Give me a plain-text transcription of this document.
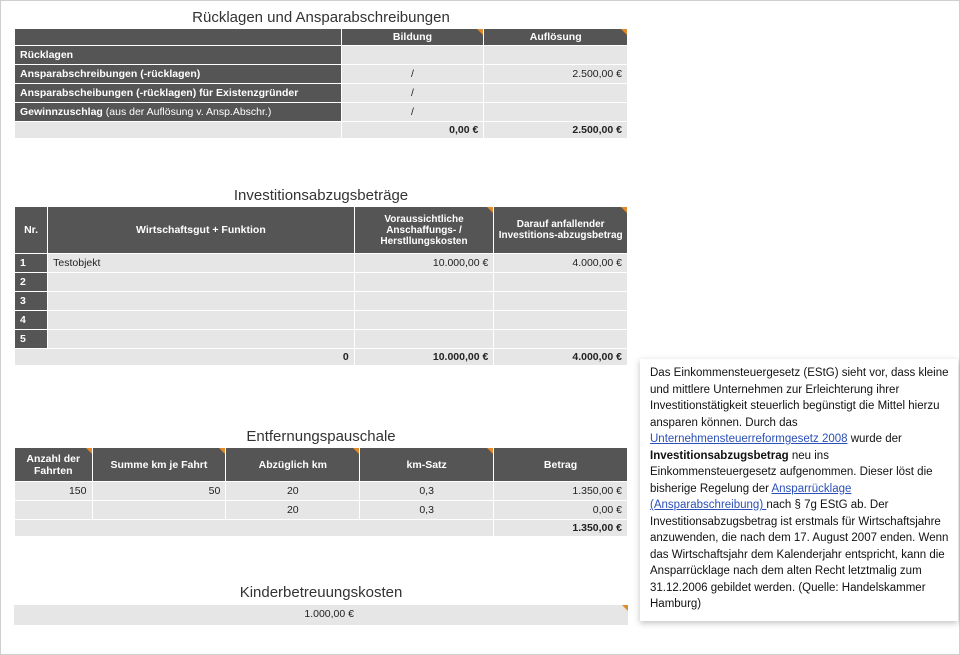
Rücklagen und Ansparabschreibungen
	Bildung	Auflösung
Rücklagen		
Ansparabschreibungen (-rücklagen)	/	2.500,00 €
Ansparabscheibungen (-rücklagen) für Existenzgründer	/	
Gewinnzuschlag (aus der Auflösung v. Ansp.Abschr.)	/	
	0,00 €	2.500,00 €
Investitionsabzugsbeträge
Nr.	Wirtschaftsgut + Funktion	Voraussichtliche Anschaffungs- / Herstllungskosten	Darauf anfallender Investitions-abzugsbetrag
1	Testobjekt	10.000,00 €	4.000,00 €
2			
3			
4			
5			
0		10.000,00 €	4.000,00 €
Entfernungspauschale
Anzahl der Fahrten	Summe km je Fahrt	Abzüglich km	km-Satz	Betrag
150	50	20	0,3	1.350,00 €
		20	0,3	0,00 €
				1.350,00 €
Kinderbetreuungskosten
1.000,00 €
Das Einkommensteuergesetz (EStG) sieht vor, dass kleine und mittlere Unternehmen zur Erleichterung ihrer Investitionstätigkeit steuerlich begünstigt die Mittel hierzu ansparen können. Durch das Unternehmensteuerreformgesetz 2008 wurde der Investitionsabzugsbetrag neu ins Einkommensteuergesetz aufgenommen. Dieser löst die bisherige Regelung der Ansparrücklage (Ansparabschreibung) nach § 7g EStG ab. Der Investitionsabzugsbetrag ist erstmals für Wirtschaftsjahre anzuwenden, die nach dem 17. August 2007 enden. Wenn das Wirtschaftsjahr dem Kalenderjahr entspricht, kann die Ansparrücklage nach dem alten Recht letztmalig zum 31.12.2006 gebildet werden. (Quelle: Handelskammer Hamburg)
